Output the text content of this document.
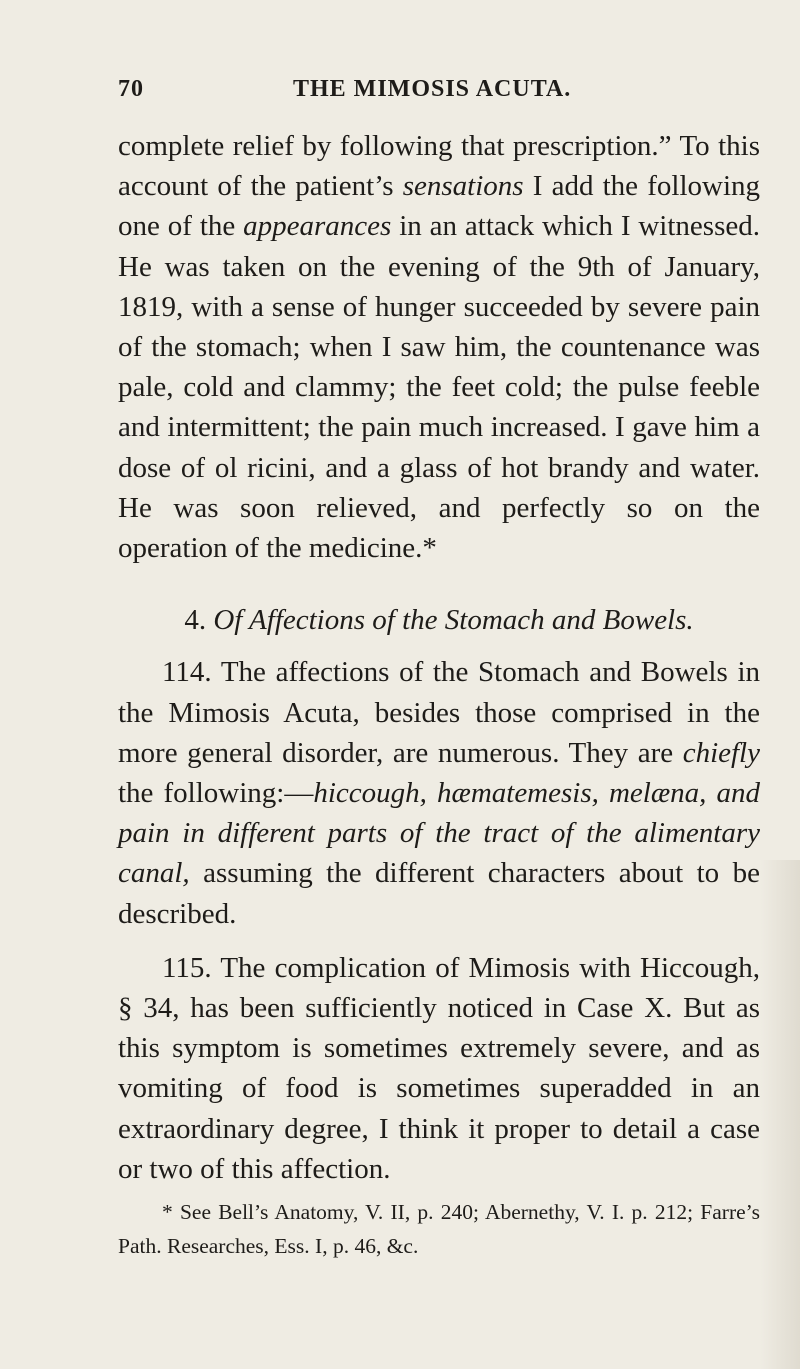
70	THE MIMOSIS ACUTA.

complete relief by following that prescription.” To this account of the patient’s sensations I add the following one of the appearances in an attack which I witnessed. He was taken on the evening of the 9th of January, 1819, with a sense of hunger succeeded by severe pain of the stomach; when I saw him, the countenance was pale, cold and clammy; the feet cold; the pulse feeble and intermittent; the pain much increased. I gave him a dose of ol ricini, and a glass of hot brandy and water. He was soon relieved, and perfectly so on the operation of the medicine.*

4. Of Affections of the Stomach and Bowels.

114. The affections of the Stomach and Bowels in the Mimosis Acuta, besides those comprised in the more general disorder, are numerous. They are chiefly the following:—hiccough, hæmatemesis, melæna, and pain in different parts of the tract of the alimentary canal, assuming the different characters about to be described.

115. The complication of Mimosis with Hiccough, § 34, has been sufficiently noticed in Case X. But as this symptom is sometimes extremely severe, and as vomiting of food is sometimes superadded in an extraordinary degree, I think it proper to detail a case or two of this affection.

* See Bell’s Anatomy, V. II, p. 240; Abernethy, V. I. p. 212; Farre’s Path. Researches, Ess. I, p. 46, &c.
